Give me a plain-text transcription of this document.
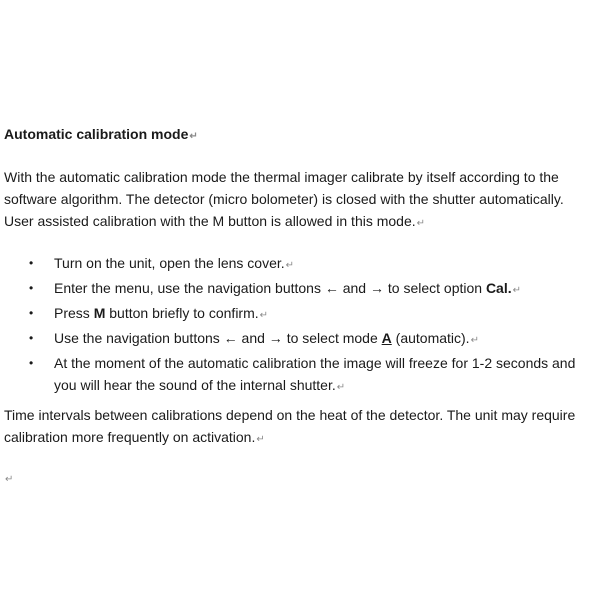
Automatic calibration mode↵
With the automatic calibration mode the thermal imager calibrate by itself according to the
software algorithm. The detector (micro bolometer) is closed with the shutter automatically.
User assisted calibration with the M button is allowed in this mode.↵
• Turn on the unit, open the lens cover.↵
• Enter the menu, use the navigation buttons ← and → to select option Cal.↵
• Press M button briefly to confirm.↵
• Use the navigation buttons ← and → to select mode A (automatic).↵
• At the moment of the automatic calibration the image will freeze for 1-2 seconds and
you will hear the sound of the internal shutter.↵
Time intervals between calibrations depend on the heat of the detector. The unit may require
calibration more frequently on activation.↵
↵
